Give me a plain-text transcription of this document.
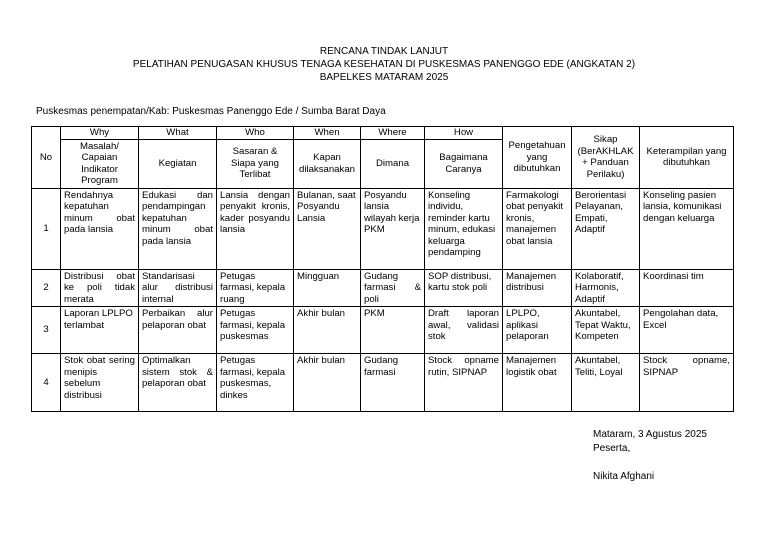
RENCANA TINDAK LANJUT
PELATIHAN PENUGASAN KHUSUS TENAGA KESEHATAN DI PUSKESMAS PANENGGO EDE (ANGKATAN 2)
BAPELKES MATARAM 2025
Puskesmas penempatan/Kab: Puskesmas Panenggo Ede / Sumba Barat Daya
No	Why	What	Who	When	Where	How	Pengetahuan yang dibutuhkan	Sikap (BerAKHLAK + Panduan Perilaku)	Keterampilan yang dibutuhkan
	Masalah/ Capaian Indikator Program	Kegiatan	Sasaran & Siapa yang Terlibat	Kapan dilaksanakan	Dimana	Bagaimana Caranya			
1	Rendahnya kepatuhan minum obat pada lansia	Edukasi dan pendampingan kepatuhan minum obat pada lansia	Lansia dengan penyakit kronis, kader posyandu lansia	Bulanan, saat Posyandu Lansia	Posyandu lansia wilayah kerja PKM	Konseling individu, reminder kartu minum, edukasi keluarga pendamping	Farmakologi obat penyakit kronis, manajemen obat lansia	Berorientasi Pelayanan, Empati, Adaptif	Konseling pasien lansia, komunikasi dengan keluarga
2	Distribusi obat ke poli tidak merata	Standarisasi alur distribusi internal	Petugas farmasi, kepala ruang	Mingguan	Gudang farmasi & poli	SOP distribusi, kartu stok poli	Manajemen distribusi	Kolaboratif, Harmonis, Adaptif	Koordinasi tim
3	Laporan LPLPO terlambat	Perbaikan alur pelaporan obat	Petugas farmasi, kepala puskesmas	Akhir bulan	PKM	Draft laporan awal, validasi stok	LPLPO, aplikasi pelaporan	Akuntabel, Tepat Waktu, Kompeten	Pengolahan data, Excel
4	Stok obat sering menipis sebelum distribusi	Optimalkan sistem stok & pelaporan obat	Petugas farmasi, kepala puskesmas, dinkes	Akhir bulan	Gudang farmasi	Stock opname rutin, SIPNAP	Manajemen logistik obat	Akuntabel, Teliti, Loyal	Stock opname, SIPNAP
Mataram, 3 Agustus 2025
Peserta,
Nikita Afghani
